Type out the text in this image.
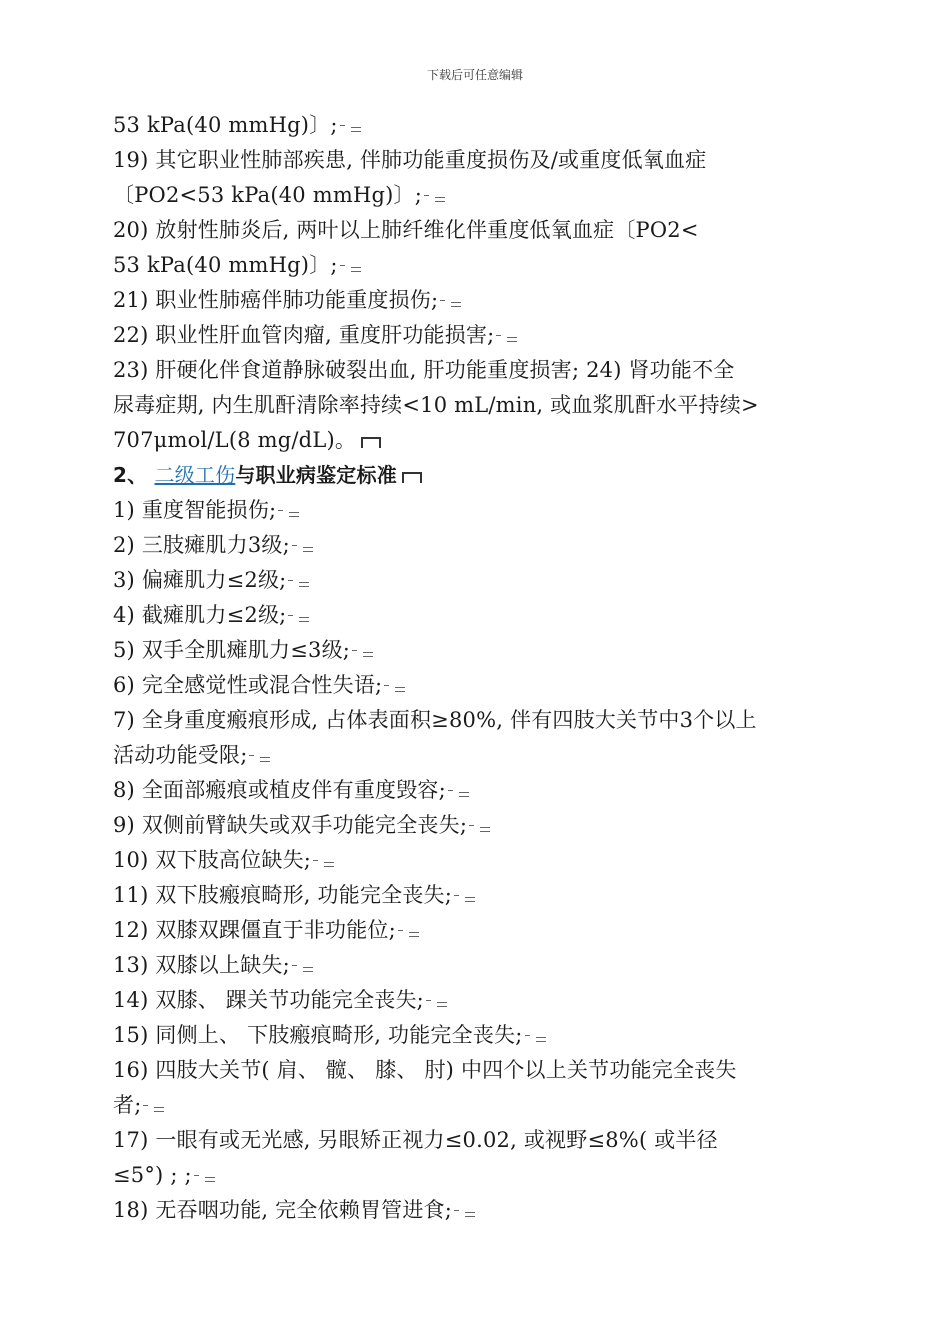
下载后可任意编辑
53 kPa(40 mmHg)〕;
19) 其它职业性肺部疾患, 伴肺功能重度损伤及/或重度低氧血症
〔PO2<53 kPa(40 mmHg)〕;
20) 放射性肺炎后, 两叶以上肺纤维化伴重度低氧血症〔PO2<
53 kPa(40 mmHg)〕;
21) 职业性肺癌伴肺功能重度损伤;
22) 职业性肝血管肉瘤, 重度肝功能损害;
23) 肝硬化伴食道静脉破裂出血, 肝功能重度损害; 24) 肾功能不全
尿毒症期, 内生肌酐清除率持续<10 mL/min, 或血浆肌酐水平持续>
707μmol/L(8 mg/dL)。
2、 二级工伤与职业病鉴定标准
1) 重度智能损伤;
2) 三肢瘫肌力3级;
3) 偏瘫肌力≤2级;
4) 截瘫肌力≤2级;
5) 双手全肌瘫肌力≤3级;
6) 完全感觉性或混合性失语;
7) 全身重度瘢痕形成, 占体表面积≥80%, 伴有四肢大关节中3个以上
活动功能受限;
8) 全面部瘢痕或植皮伴有重度毁容;
9) 双侧前臂缺失或双手功能完全丧失;
10) 双下肢高位缺失;
11) 双下肢瘢痕畸形, 功能完全丧失;
12) 双膝双踝僵直于非功能位;
13) 双膝以上缺失;
14) 双膝、 踝关节功能完全丧失;
15) 同侧上、 下肢瘢痕畸形, 功能完全丧失;
16) 四肢大关节( 肩、 髋、 膝、 肘) 中四个以上关节功能完全丧失
者;
17) 一眼有或无光感, 另眼矫正视力≤0.02, 或视野≤8%( 或半径
≤5°) ; ;
18) 无吞咽功能, 完全依赖胃管进食;
